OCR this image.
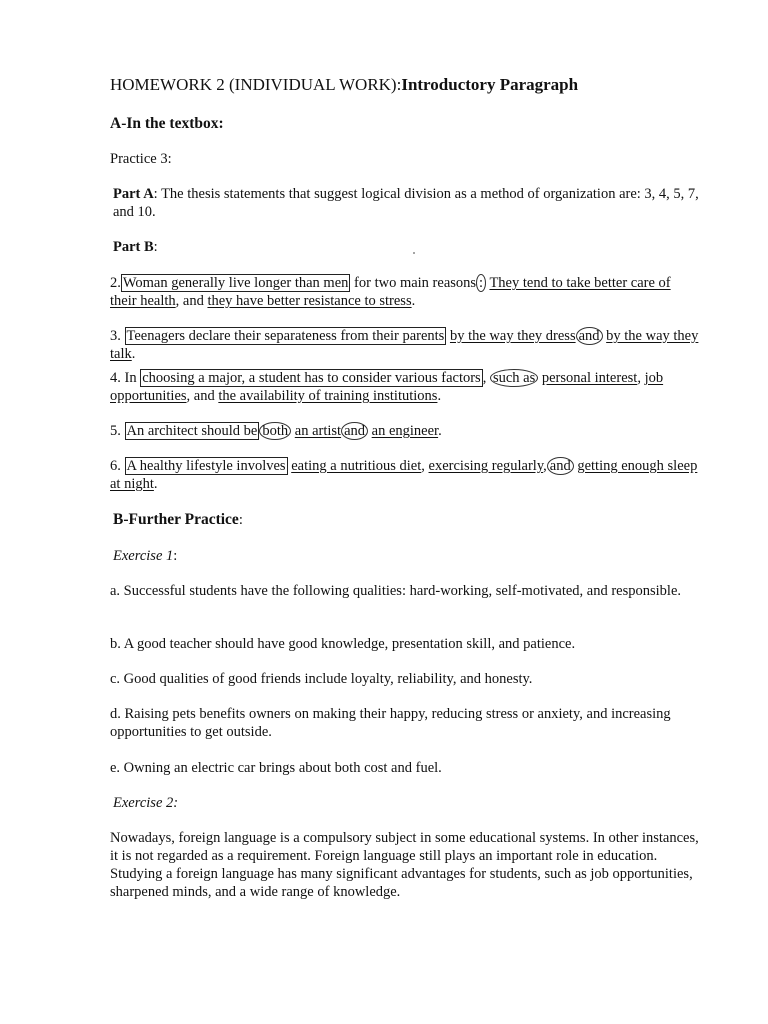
HOMEWORK 2 (INDIVIDUAL WORK):Introductory Paragraph
A-In the textbox:
Practice 3:
Part A: The thesis statements that suggest logical division as a method of organization are: 3, 4, 5, 7, and 10.
Part B:
2. Woman generally live longer than men for two main reasons : They tend to take better care of their health, and they have better resistance to stress.
3. Teenagers declare their separateness from their parents by the way they dress and by the way they talk.
4. In choosing a major, a student has to consider various factors , such as personal interest, job opportunities, and the availability of training institutions.
5. An architect should be both an artist and an engineer.
6. A healthy lifestyle involves eating a nutritious diet, exercising regularly, and getting enough sleep at night.
B-Further Practice:
Exercise 1:
a. Successful students have the following qualities: hard-working, self-motivated, and responsible.
b. A good teacher should have good knowledge, presentation skill, and patience.
c. Good qualities of good friends include loyalty, reliability, and honesty.
d. Raising pets benefits owners on making their happy, reducing stress or anxiety, and increasing opportunities to get outside.
e. Owning an electric car brings about both cost and fuel.
Exercise 2:
Nowadays, foreign language is a compulsory subject in some educational systems. In other instances, it is not regarded as a requirement. Foreign language still plays an important role in education. Studying a foreign language has many significant advantages for students, such as job opportunities, sharpened minds, and a wide range of knowledge.
